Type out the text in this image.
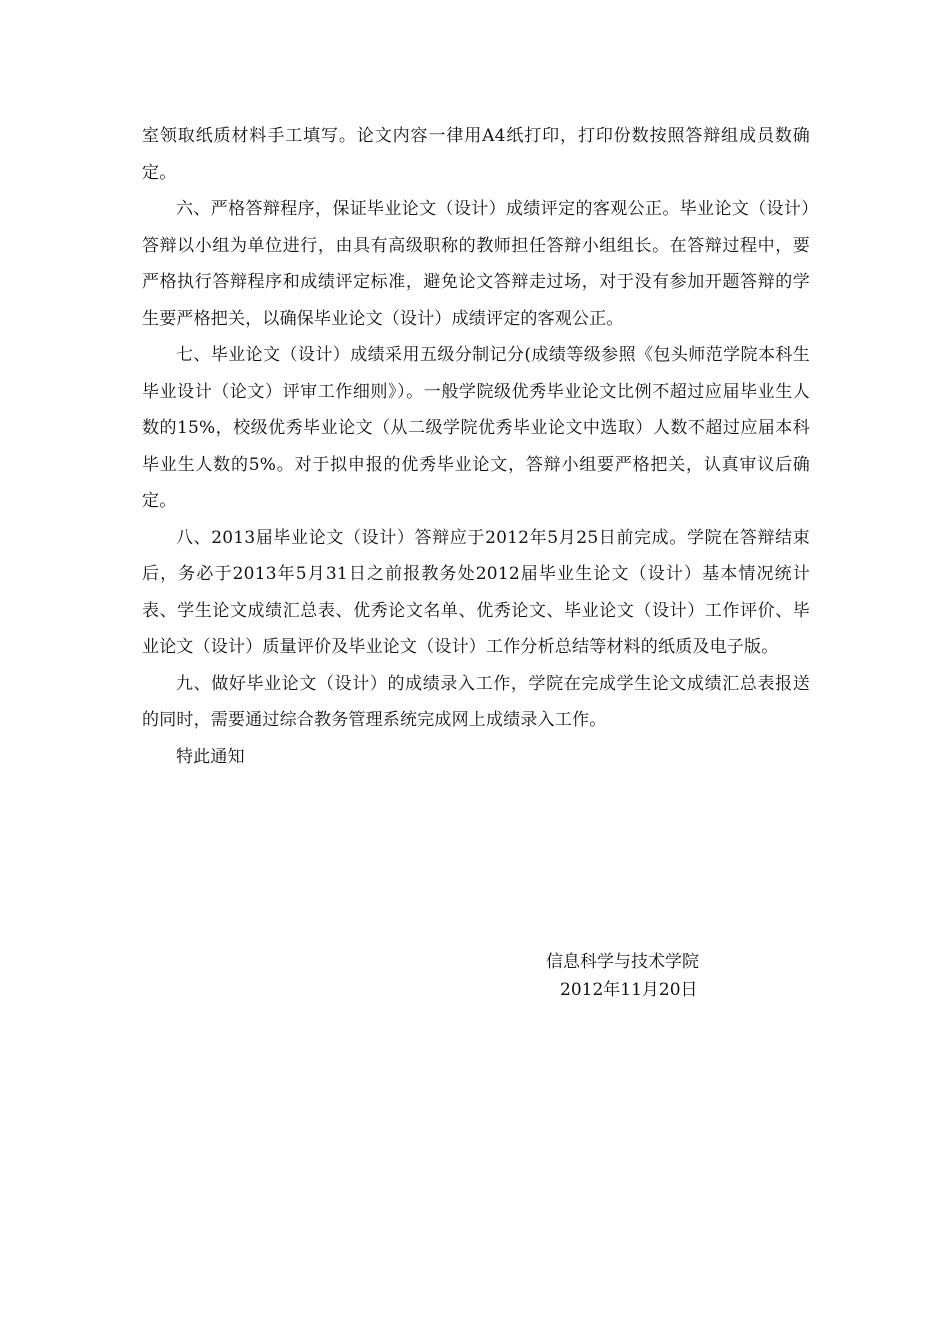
室领取纸质材料手工填写。论文内容一律用A4纸打印，打印份数按照答辩组成员数确定。

六、严格答辩程序，保证毕业论文（设计）成绩评定的客观公正。毕业论文（设计）答辩以小组为单位进行，由具有高级职称的教师担任答辩小组组长。在答辩过程中，要严格执行答辩程序和成绩评定标准，避免论文答辩走过场，对于没有参加开题答辩的学生要严格把关，以确保毕业论文（设计）成绩评定的客观公正。

七、毕业论文（设计）成绩采用五级分制记分(成绩等级参照《包头师范学院本科生毕业设计（论文）评审工作细则》）。一般学院级优秀毕业论文比例不超过应届毕业生人数的15%，校级优秀毕业论文（从二级学院优秀毕业论文中选取）人数不超过应届本科毕业生人数的5%。对于拟申报的优秀毕业论文，答辩小组要严格把关，认真审议后确定。

八、2013届毕业论文（设计）答辩应于2012年5月25日前完成。学院在答辩结束后，务必于2013年5月31日之前报教务处2012届毕业生论文（设计）基本情况统计表、学生论文成绩汇总表、优秀论文名单、优秀论文、毕业论文（设计）工作评价、毕业论文（设计）质量评价及毕业论文（设计）工作分析总结等材料的纸质及电子版。

九、做好毕业论文（设计）的成绩录入工作，学院在完成学生论文成绩汇总表报送的同时，需要通过综合教务管理系统完成网上成绩录入工作。

特此通知

信息科学与技术学院
2012年11月20日
